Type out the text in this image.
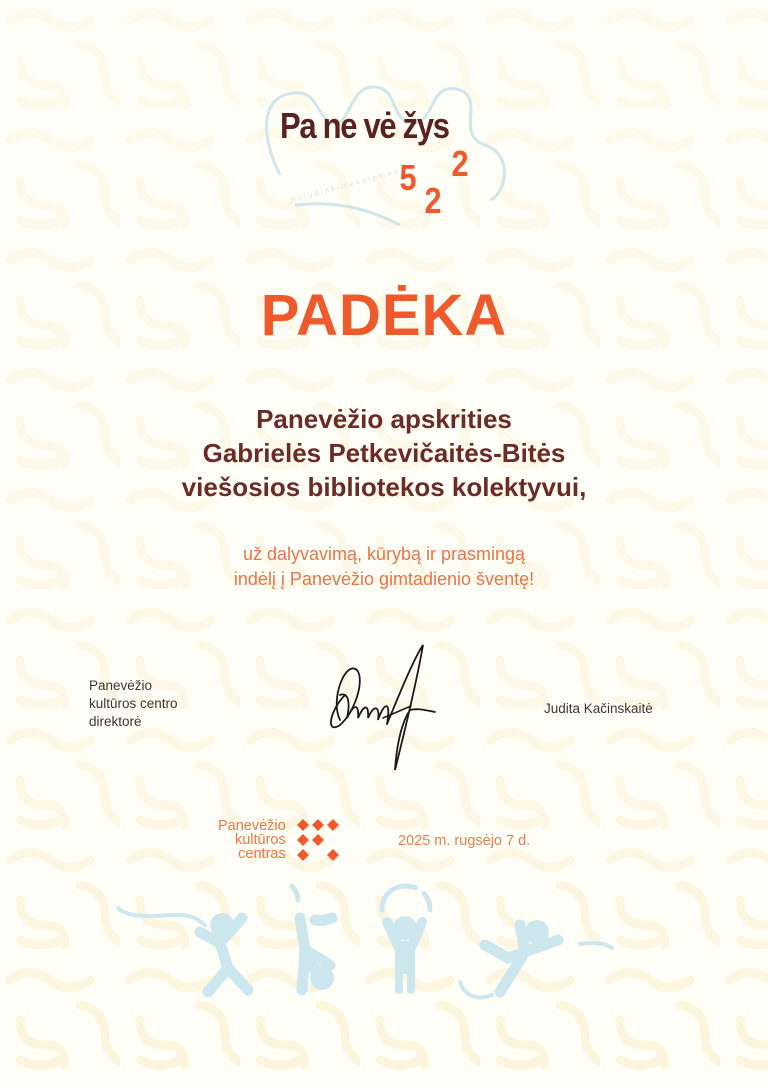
S u j u d i n k i m e k a i p m e s
Pa ne vė žys
5
2
2
PADĖKA
Panevėžio apskrities
Gabrielės Petkevičaitės-Bitės
viešosios bibliotekos kolektyvui,
už dalyvavimą, kūrybą ir prasmingą
indėlį į Panevėžio gimtadienio šventę!
Panevėžio
kultūros centro
direktorė
Judita Kačinskaitė
Panevėžio
kultūros
centras
2025 m. rugsėjo 7 d.
